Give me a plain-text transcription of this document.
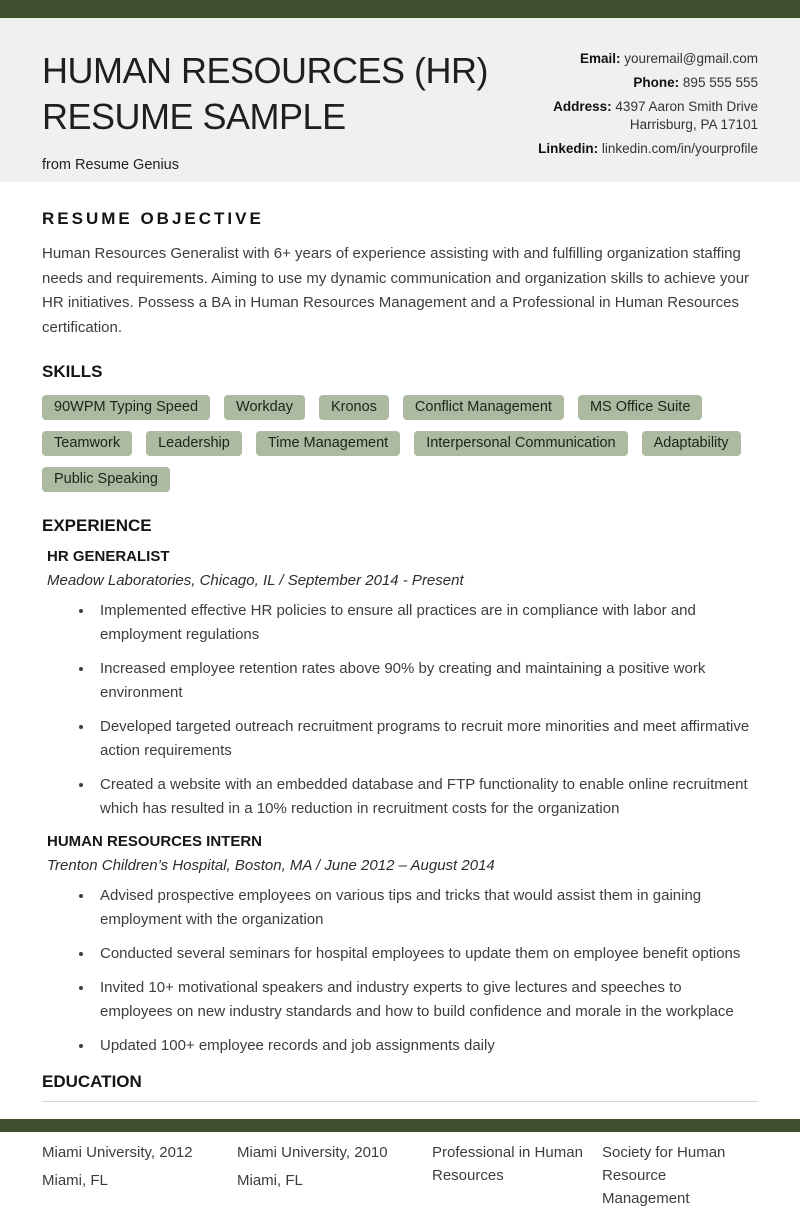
HUMAN RESOURCES (HR)
RESUME SAMPLE
from Resume Genius
Email: youremail@gmail.com
Phone: 895 555 555
Address: 4397 Aaron Smith Drive
Harrisburg, PA 17101
Linkedin: linkedin.com/in/yourprofile
RESUME OBJECTIVE

Human Resources Generalist with 6+ years of experience assisting with and fulfilling organization staffing needs and requirements. Aiming to use my dynamic communication and organization skills to achieve your HR initiatives. Possess a BA in Human Resources Management and a Professional in Human Resources certification.

SKILLS
90WPM Typing Speed	Workday	Kronos	Conflict Management	MS Office Suite
Teamwork	Leadership	Time Management	Interpersonal Communication	Adaptability
Public Speaking
EXPERIENCE
HR GENERALIST
Meadow Laboratories, Chicago, IL / September 2014 - Present
• Implemented effective HR policies to ensure all practices are in compliance with labor and employment regulations
• Increased employee retention rates above 90% by creating and maintaining a positive work environment
• Developed targeted outreach recruitment programs to recruit more minorities and meet affirmative action requirements
• Created a website with an embedded database and FTP functionality to enable online recruitment which has resulted in a 10% reduction in recruitment costs for the organization
HUMAN RESOURCES INTERN
Trenton Children’s Hospital, Boston, MA / June 2012 – August 2014
• Advised prospective employees on various tips and tricks that would assist them in gaining employment with the organization
• Conducted several seminars for hospital employees to update them on employee benefit options
• Invited 10+ motivational speakers and industry experts to give lectures and speeches to employees on new industry standards and how to build confidence and morale in the workplace
• Updated 100+ employee records and job assignments daily
EDUCATION
Miami University, 2012
Miami, FL
Miami University, 2010
Miami, FL
Professional in Human Resources
Society for Human Resource Management
